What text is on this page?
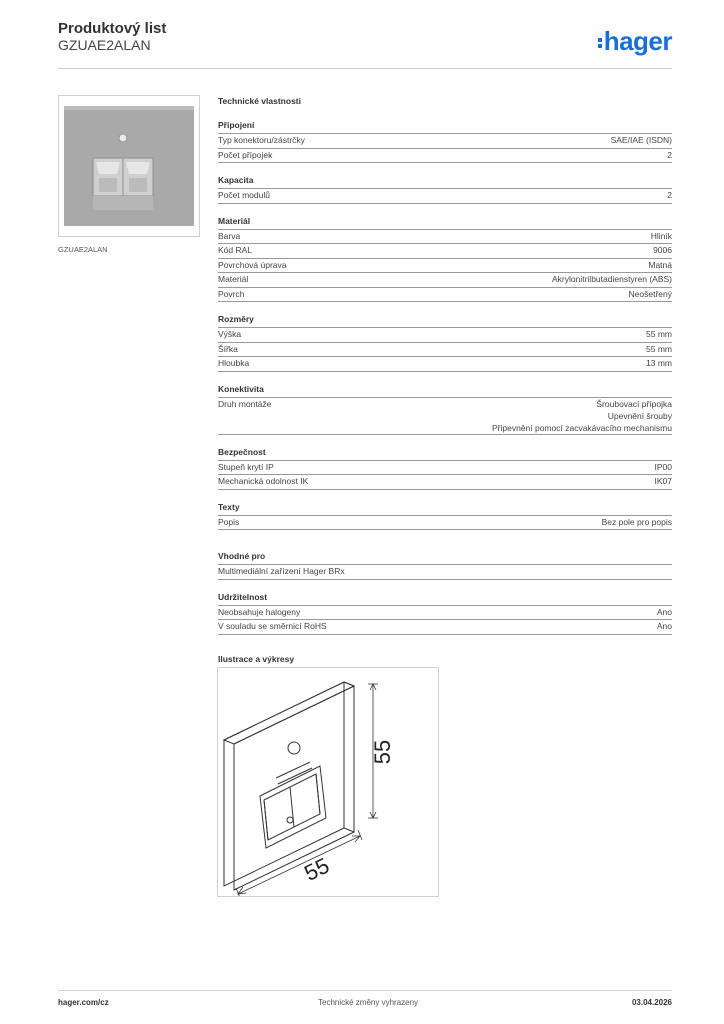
Produktový list
GZUAE2ALAN	hager
GZUAE2ALAN
Technické vlastnosti
Připojení
Typ konektoru/zástrčky	SAE/IAE (ISDN)
Počet přípojek	2
Kapacita
Počet modulů	2
Materiál
Barva	Hliník
Kód RAL	9006
Povrchová úprava	Matná
Materiál	Akrylonitrilbutadienstyren (ABS)
Povrch	Neošetřený
Rozměry
Výška	55 mm
Šířka	55 mm
Hloubka	13 mm
Konektivita
Druh montáže	Šroubovací přípojka
Upevnění šrouby
Připevnění pomocí zacvakávacího mechanismu
Bezpečnost
Stupeň krytí IP	IP00
Mechanická odolnost IK	IK07
Texty
Popis	Bez pole pro popis
Vhodné pro
Multimediální zařízení Hager BRx
Udržitelnost
Neobsahuje halogeny	Ano
V souladu se směrnicí RoHS	Ano
Ilustrace a výkresy
55
55
hager.com/cz	Technické změny vyhrazeny	03.04.2026
